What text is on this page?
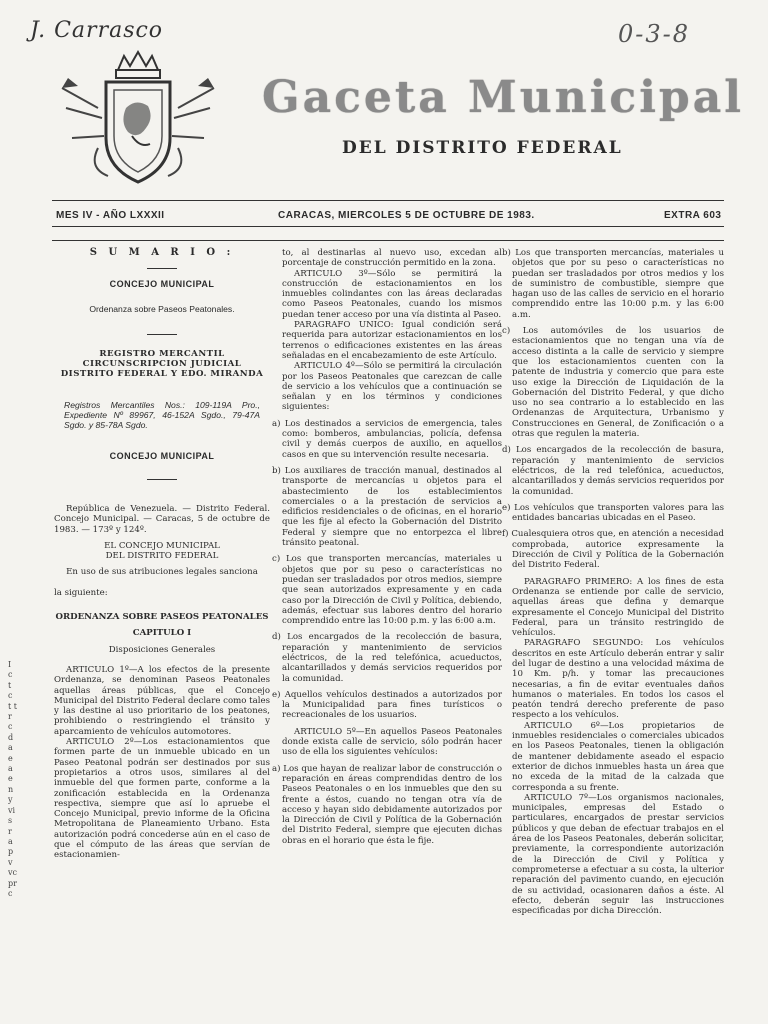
J. Carrasco	0-3-8
Gaceta Municipal
DEL DISTRITO FEDERAL
MES IV - AÑO LXXXII	CARACAS, MIERCOLES 5 DE OCTUBRE DE 1983.	EXTRA 603
I c t c t t r c d a e a e n y vi s r a p v vc pr c

S U M A R I O :

CONCEJO MUNICIPAL

Ordenanza sobre Paseos Peatonales.

REGISTRO MERCANTIL

CIRCUNSCRIPCION JUDICIAL

DISTRITO FEDERAL Y EDO. MIRANDA

Registros Mercantiles Nos.: 109-119A Pro., Expediente Nº 89967, 46-152A Sgdo., 79-47A Sgdo. y 85-78A Sgdo.

CONCEJO MUNICIPAL

República de Venezuela. — Distrito Federal. Concejo Municipal. — Caracas, 5 de octubre de 1983. — 173º y 124º.

EL CONCEJO MUNICIPAL

DEL DISTRITO FEDERAL

En uso de sus atribuciones legales sanciona

la siguiente:

ORDENANZA SOBRE PASEOS PEATONALES

CAPITULO I

Disposiciones Generales

ARTICULO 1º—A los efectos de la presente Ordenanza, se denominan Paseos Peatonales aquellas áreas públicas, que el Concejo Municipal del Distrito Federal declare como tales y las destine al uso prioritario de los peatones, prohibiendo o restringiendo el tránsito y aparcamiento de vehículos automotores.

ARTICULO 2º—Los estacionamientos que formen parte de un inmueble ubicado en un Paseo Peatonal podrán ser destinados por sus propietarios a otros usos, similares al del inmueble del que formen parte, conforme a la zonificación establecida en la Ordenanza respectiva, siempre que así lo apruebe el Concejo Municipal, previo informe de la Oficina Metropolitana de Planeamiento Urbano. Esta autorización podrá concederse aún en el caso de que el cómputo de las áreas que servían de estacionamien-

to, al destinarlas al nuevo uso, excedan al porcentaje de construcción permitido en la zona.

ARTICULO 3º—Sólo se permitirá la construcción de estacionamientos en los inmuebles colindantes con las áreas declaradas como Paseos Peatonales, cuando los mismos puedan tener acceso por una vía distinta al Paseo.

PARAGRAFO UNICO: Igual condición será requerida para autorizar estacionamientos en los terrenos o edificaciones existentes en las áreas señaladas en el encabezamiento de este Artículo.

ARTICULO 4º—Sólo se permitirá la circulación por los Paseos Peatonales que carezcan de calle de servicio a los vehículos que a continuación se señalan y en los términos y condiciones siguientes:

a) Los destinados a servicios de emergencia, tales como: bomberos, ambulancias, policía, defensa civil y demás cuerpos de auxilio, en aquellos casos en que su intervención resulte necesaria.

b) Los auxiliares de tracción manual, destinados al transporte de mercancías u objetos para el abastecimiento de los establecimientos comerciales o a la prestación de servicios a edificios residenciales o de oficinas, en el horario que les fije al efecto la Gobernación del Distrito Federal y siempre que no entorpezca el libre tránsito peatonal.

c) Los que transporten mercancías, materiales u objetos que por su peso o características no puedan ser trasladados por otros medios, siempre que sean autorizados expresamente y en cada caso por la Dirección de Civil y Política, debiendo, además, efectuar sus labores dentro del horario comprendido entre las 10:00 p.m. y las 6:00 a.m.

d) Los encargados de la recolección de basura, reparación y mantenimiento de servicios eléctricos, de la red telefónica, acueductos, alcantarillados y demás servicios requeridos por la comunidad.

e) Aquellos vehículos destinados a autorizados por la Municipalidad para fines turísticos o recreacionales de los usuarios.

ARTICULO 5º—En aquellos Paseos Peatonales donde exista calle de servicio, sólo podrán hacer uso de ella los siguientes vehículos:

a) Los que hayan de realizar labor de construcción o reparación en áreas comprendidas dentro de los Paseos Peatonales o en los inmuebles que den su frente a éstos, cuando no tengan otra vía de acceso y hayan sido debidamente autorizados por la Dirección de Civil y Política de la Gobernación del Distrito Federal, siempre que ejecuten dichas obras en el horario que ésta le fije.

b) Los que transporten mercancías, materiales u objetos que por su peso o características no puedan ser trasladados por otros medios y los de suministro de combustible, siempre que hagan uso de las calles de servicio en el horario comprendido entre las 10:00 p.m. y las 6:00 a.m.

c) Los automóviles de los usuarios de estacionamientos que no tengan una vía de acceso distinta a la calle de servicio y siempre que los estacionamientos cuenten con la patente de industria y comercio que para este uso exige la Dirección de Liquidación de la Gobernación del Distrito Federal, y que dicho uso no sea contrario a lo establecido en las Ordenanzas de Arquitectura, Urbanismo y Construcciones en General, de Zonificación o a otras que regulen la materia.

d) Los encargados de la recolección de basura, reparación y mantenimiento de servicios eléctricos, de la red telefónica, acueductos, alcantarillados y demás servicios requeridos por la comunidad.

e) Los vehículos que transporten valores para las entidades bancarias ubicadas en el Paseo.

f) Cualesquiera otros que, en atención a necesidad comprobada, autorice expresamente la Dirección de Civil y Política de la Gobernación del Distrito Federal.

PARAGRAFO PRIMERO: A los fines de esta Ordenanza se entiende por calle de servicio, aquellas áreas que defina y demarque expresamente el Concejo Municipal del Distrito Federal, para un tránsito restringido de vehículos.

PARAGRAFO SEGUNDO: Los vehículos descritos en este Artículo deberán entrar y salir del lugar de destino a una velocidad máxima de 10 Km. p/h. y tomar las precauciones necesarias, a fin de evitar eventuales daños humanos o materiales. En todos los casos el peatón tendrá derecho preferente de paso respecto a los vehículos.

ARTICULO 6º—Los propietarios de inmuebles residenciales o comerciales ubicados en los Paseos Peatonales, tienen la obligación de mantener debidamente aseado el espacio exterior de dichos inmuebles hasta un área que no exceda de la mitad de la calzada que corresponda a su frente.

ARTICULO 7º—Los organismos nacionales, municipales, empresas del Estado o particulares, encargados de prestar servicios públicos y que deban de efectuar trabajos en el área de los Paseos Peatonales, deberán solicitar, previamente, la correspondiente autorización de la Dirección de Civil y Política y comprometerse a efectuar a su costa, la ulterior reparación del pavimento cuando, en ejecución de su actividad, ocasionaren daños a éste. Al efecto, deberán seguir las instrucciones especificadas por dicha Dirección.
